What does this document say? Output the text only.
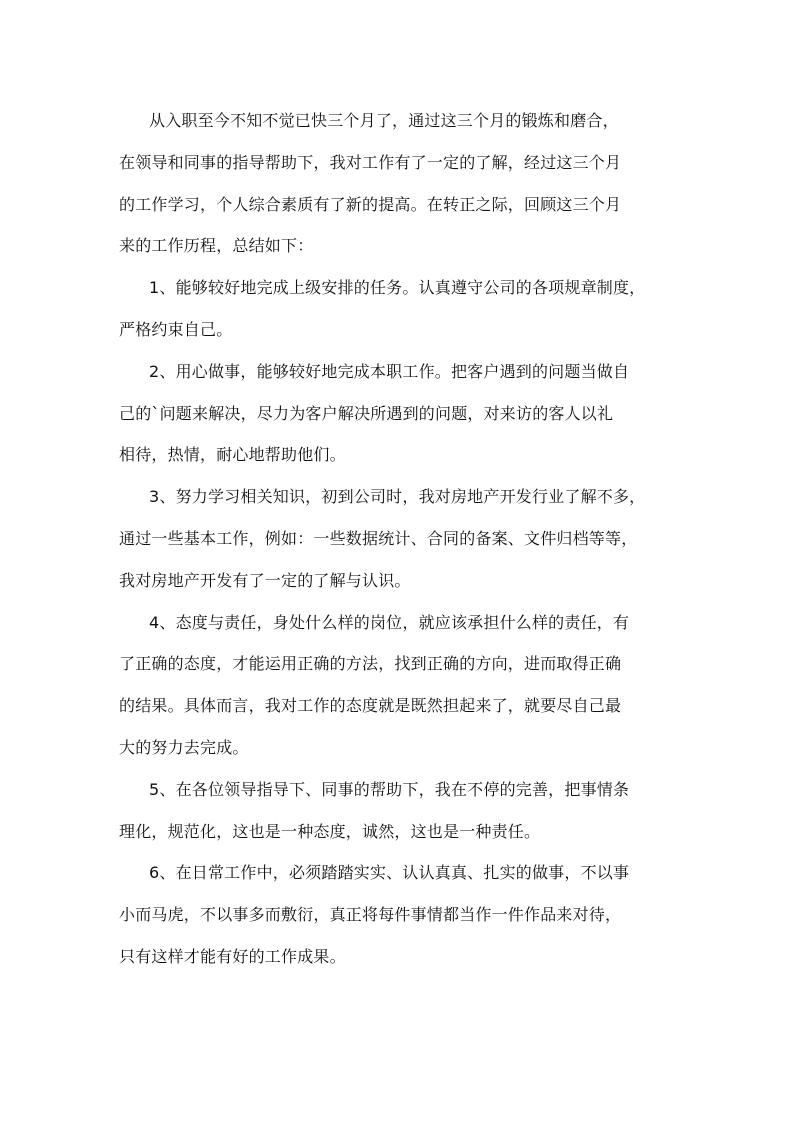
从入职至今不知不觉已快三个月了，通过这三个月的锻炼和磨合，

在领导和同事的指导帮助下，我对工作有了一定的了解，经过这三个月

的工作学习，个人综合素质有了新的提高。在转正之际，回顾这三个月

来的工作历程，总结如下：

1、能够较好地完成上级安排的任务。认真遵守公司的各项规章制度，

严格约束自己。

2、用心做事，能够较好地完成本职工作。把客户遇到的问题当做自

己的`问题来解决，尽力为客户解决所遇到的问题，对来访的客人以礼

相待，热情，耐心地帮助他们。

3、努力学习相关知识，初到公司时，我对房地产开发行业了解不多，

通过一些基本工作，例如：一些数据统计、合同的备案、文件归档等等，

我对房地产开发有了一定的了解与认识。

4、态度与责任，身处什么样的岗位，就应该承担什么样的责任，有

了正确的态度，才能运用正确的方法，找到正确的方向，进而取得正确

的结果。具体而言，我对工作的态度就是既然担起来了，就要尽自己最

大的努力去完成。

5、在各位领导指导下、同事的帮助下，我在不停的完善，把事情条

理化，规范化，这也是一种态度，诚然，这也是一种责任。

6、在日常工作中，必须踏踏实实、认认真真、扎实的做事，不以事

小而马虎，不以事多而敷衍，真正将每件事情都当作一件作品来对待，

只有这样才能有好的工作成果。
